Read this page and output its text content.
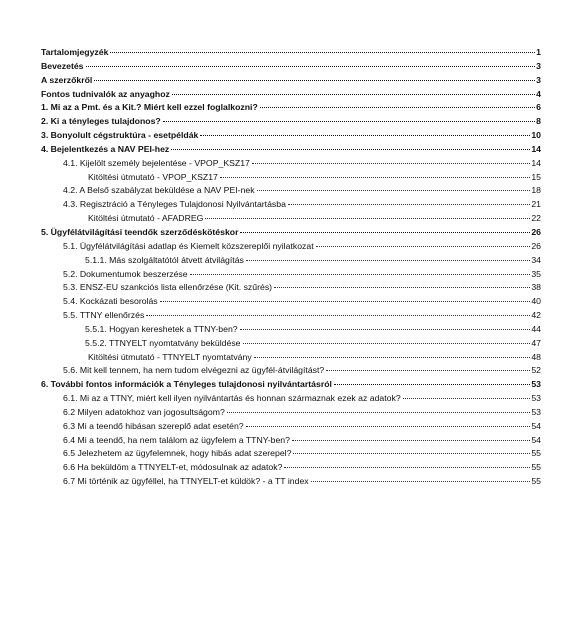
Tartalomjegyzék	1
Bevezetés	3
A szerzőkről	3
Fontos tudnivalók az anyaghoz	4
1. Mi az a Pmt. és a Kit.? Miért kell ezzel foglalkozni?	6
2. Ki a tényleges tulajdonos?	8
3. Bonyolult cégstruktúra - esetpéldák	10
4. Bejelentkezés a NAV PEI-hez	14
4.1. Kijelölt személy bejelentése - VPOP_KSZ17	14
Kitöltési útmutató - VPOP_KSZ17	15
4.2. A Belső szabályzat beküldése a NAV PEI-nek	18
4.3. Regisztráció a Tényleges Tulajdonosi Nyilvántartásba	21
Kitöltési útmutató - AFADREG	22
5. Ügyfélátvilágítási teendők szerződéskötéskor	26
5.1. Ügyfélátvilágítási adatlap és Kiemelt közszereplői nyilatkozat	26
5.1.1. Más szolgáltatótól átvett átvilágítás	34
5.2. Dokumentumok beszerzése	35
5.3. ENSZ-EU szankciós lista ellenőrzése (Kit. szűrés)	38
5.4. Kockázati besorolás	40
5.5. TTNY ellenőrzés	42
5.5.1. Hogyan kereshetek a TTNY-ben?	44
5.5.2. TTNYELT nyomtatvány beküldése	47
Kitöltési útmutató - TTNYELT nyomtatvány	48
5.6. Mit kell tennem, ha nem tudom elvégezni az ügyfél-átvilágítást?	52
6. További fontos információk a Tényleges tulajdonosi nyilvántartásról	53
6.1. Mi az a TTNY, miért kell ilyen nyilvántartás és honnan származnak ezek az adatok?	53
6.2 Milyen adatokhoz van jogosultságom?	53
6.3 Mi a teendő hibásan szereplő adat esetén?	54
6.4 Mi a teendő, ha nem találom az ügyfelem a TTNY-ben?	54
6.5 Jelezhetem az ügyfelemnek, hogy hibás adat szerepel?	55
6.6 Ha beküldöm a TTNYELT-et, módosulnak az adatok?	55
6.7 Mi történik az ügyféllel, ha TTNYELT-et küldök? - a TT index	55
